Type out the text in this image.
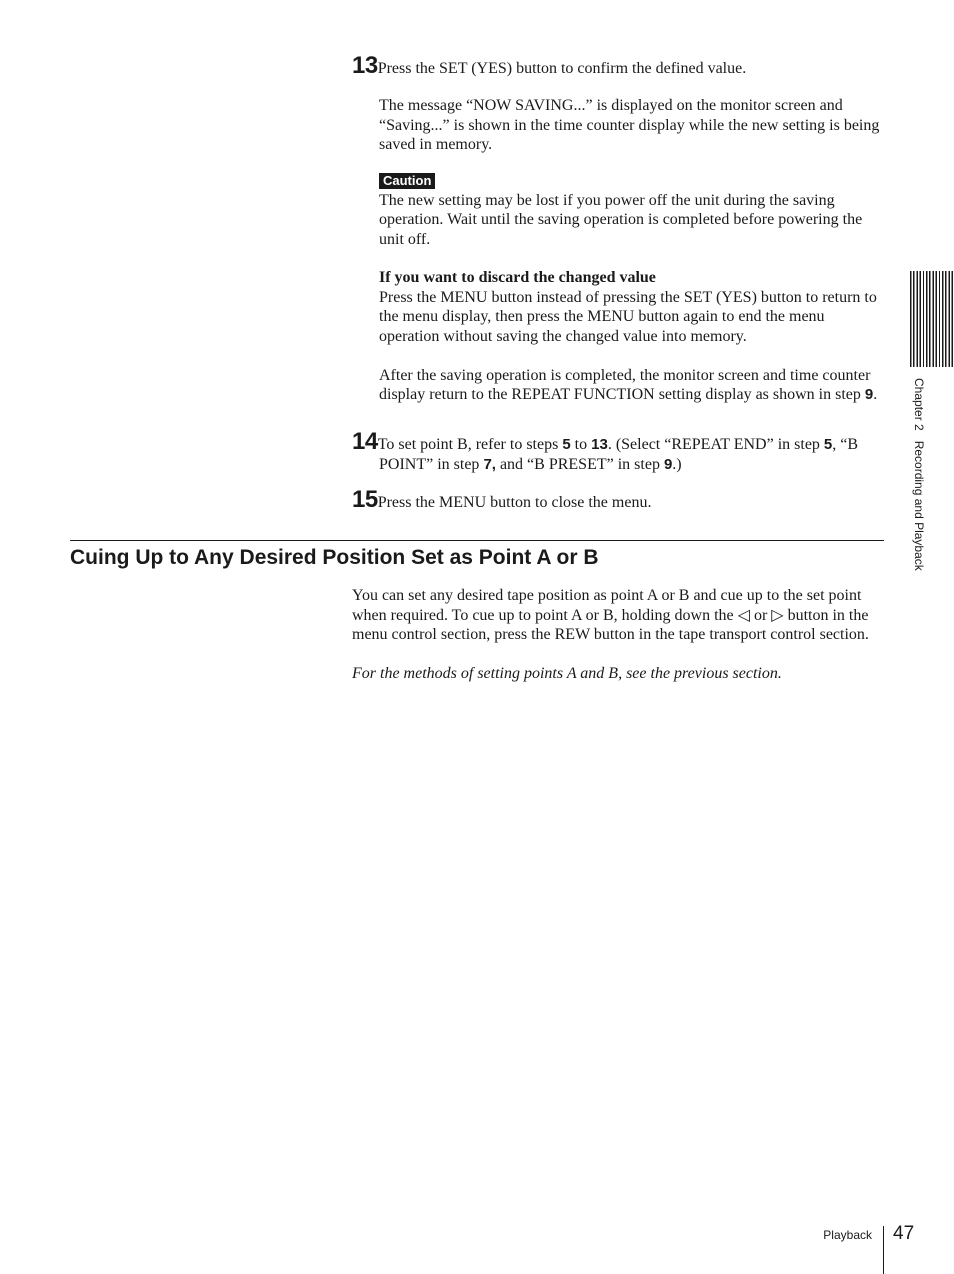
13Press the SET (YES) button to confirm the defined value.

The message “NOW SAVING...” is displayed on the monitor screen and “Saving...” is shown in the time counter display while the new setting is being saved in memory.

Caution

The new setting may be lost if you power off the unit during the saving operation. Wait until the saving operation is completed before powering the unit off.

If you want to discard the changed value

Press the MENU button instead of pressing the SET (YES) button to return to the menu display, then press the MENU button again to end the menu operation without saving the changed value into memory.

After the saving operation is completed, the monitor screen and time counter display return to the REPEAT FUNCTION setting display as shown in step 9.

14To set point B, refer to steps 5 to 13. (Select “REPEAT END” in step 5, “B POINT” in step 7, and “B PRESET” in step 9.)
15Press the MENU button to close the menu.
Cuing Up to Any Desired Position Set as Point A or B

You can set any desired tape position as point A or B and cue up to the set point when required. To cue up to point A or B, holding down the ◁ or ▷ button in the menu control section, press the REW button in the tape transport control section.

For the methods of setting points A and B, see the previous section.

Chapter 2Recording and Playback
Playback 47
